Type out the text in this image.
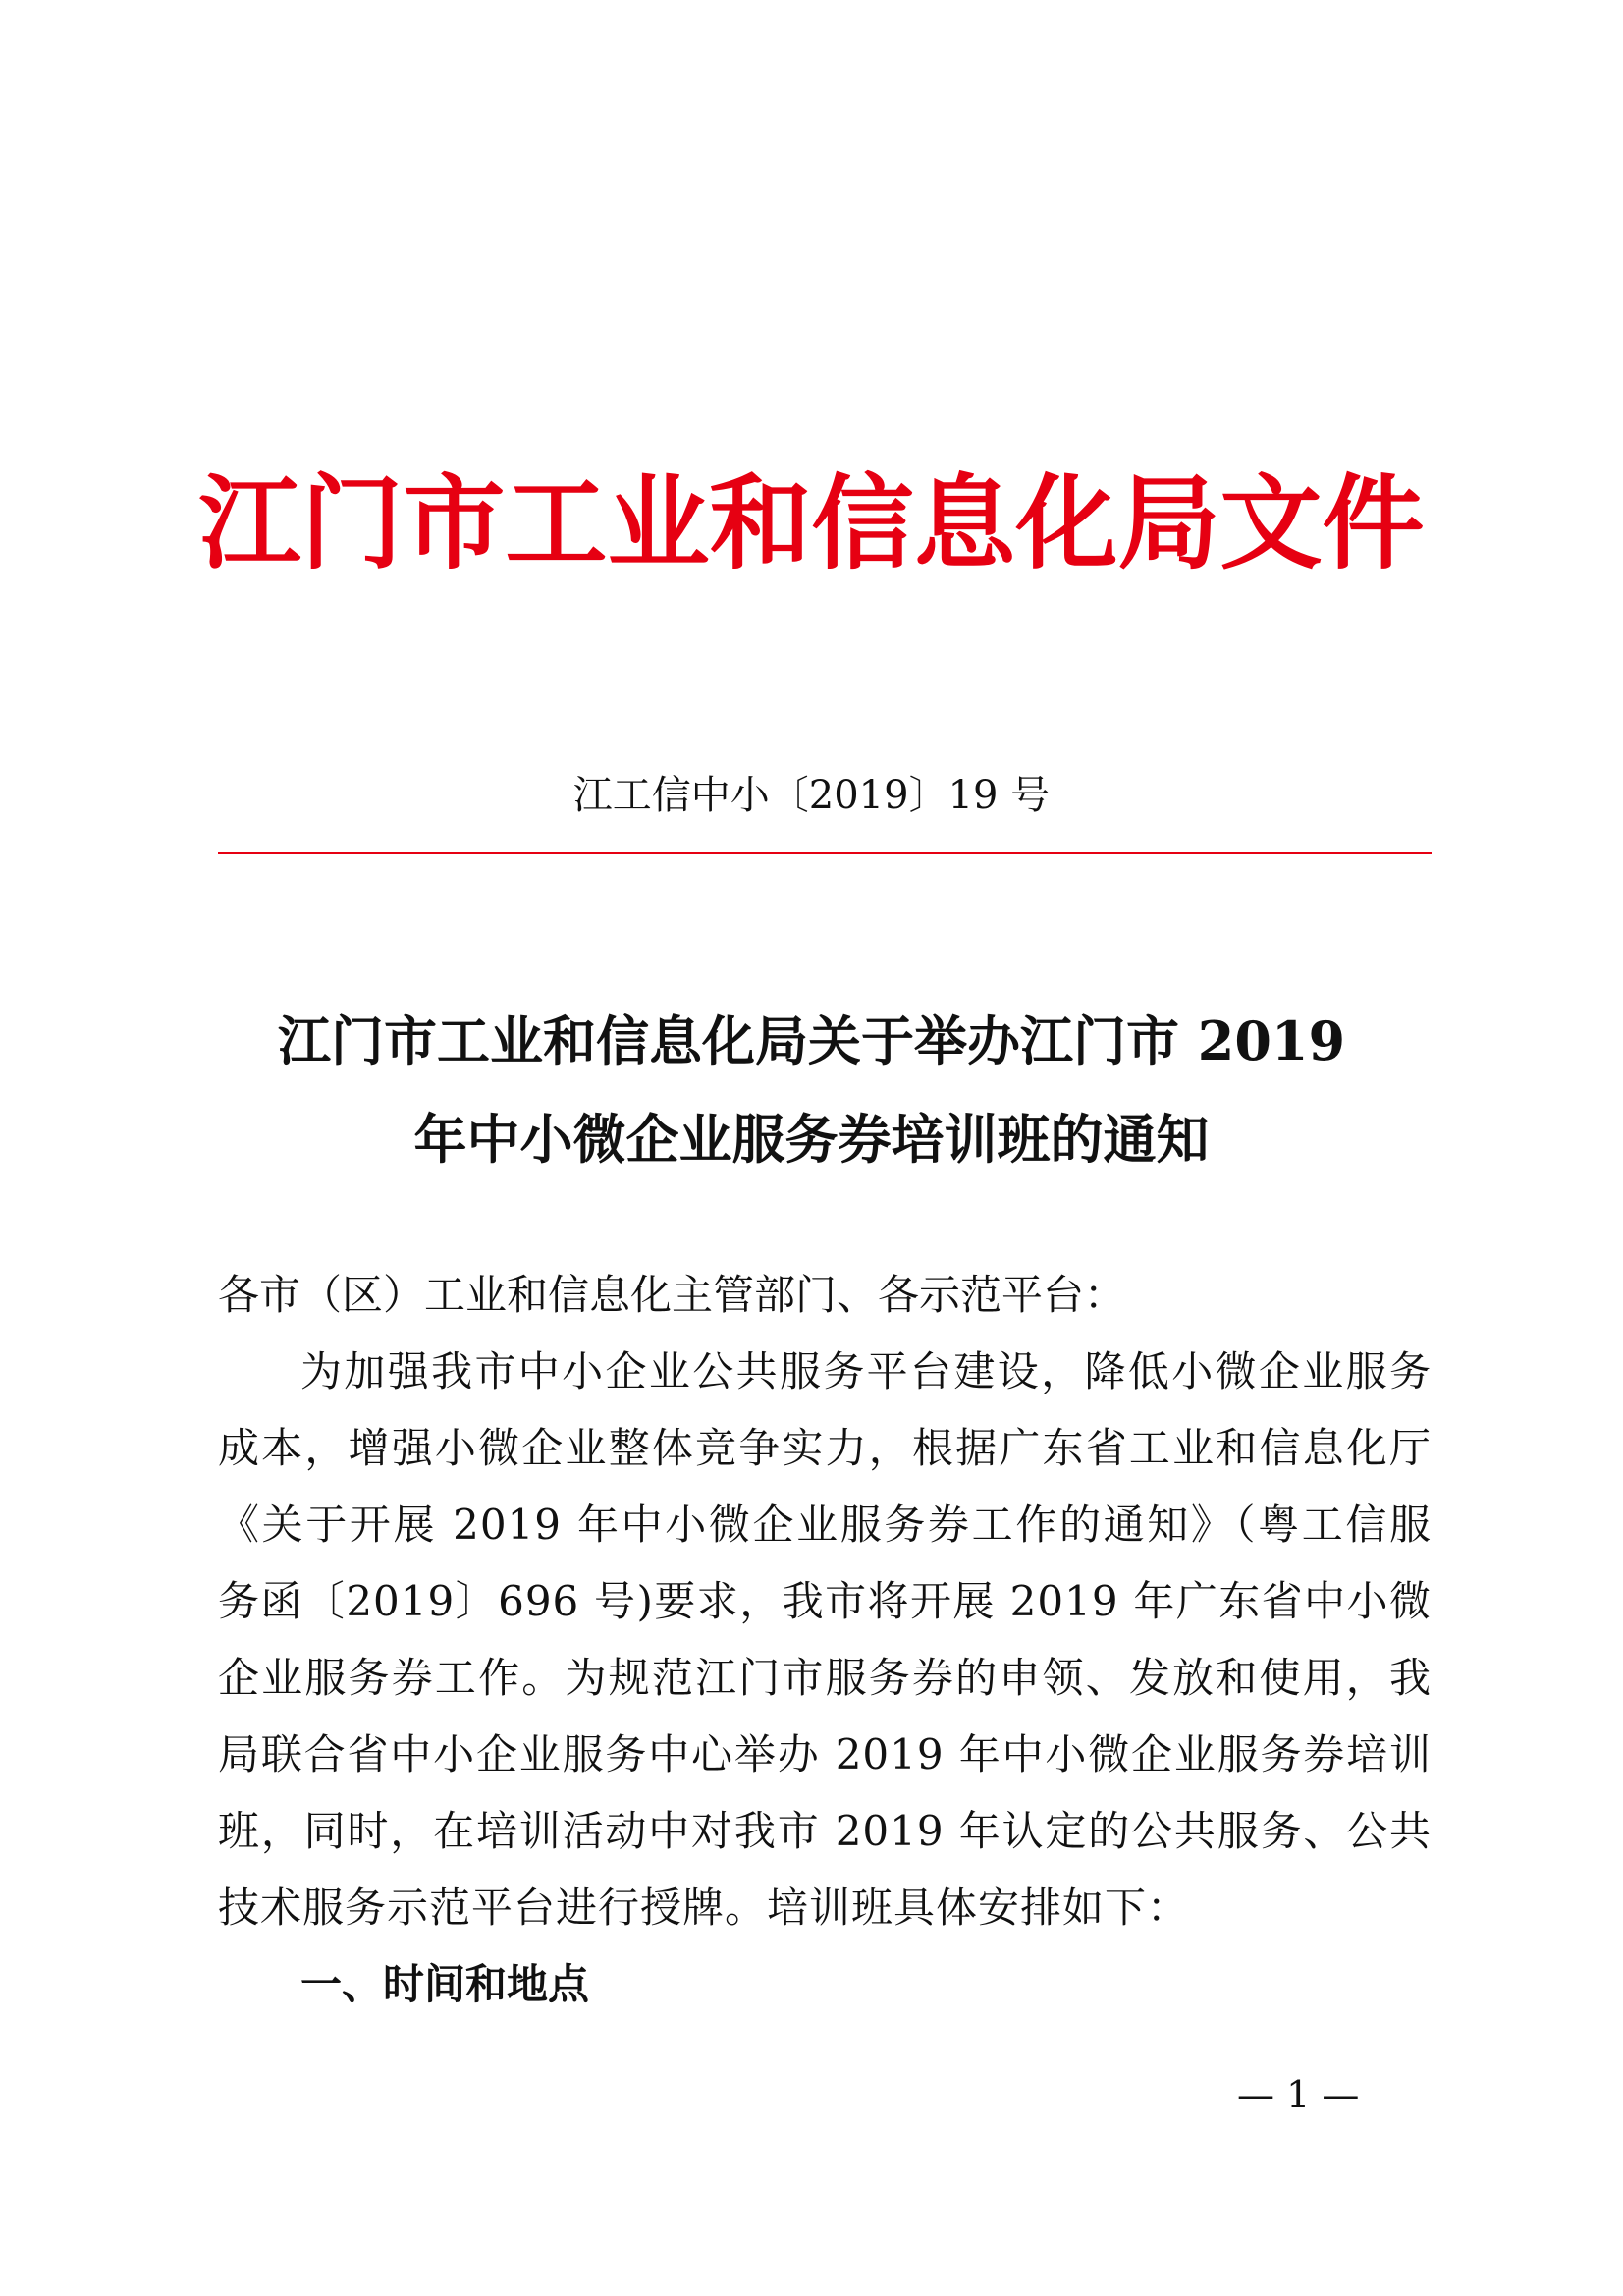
江门市工业和信息化局文件
江工信中小〔2019〕19 号
江门市工业和信息化局关于举办江门市 2019
年中小微企业服务券培训班的通知
各市（区）工业和信息化主管部门、各示范平台：
为加强我市中小企业公共服务平台建设，降低小微企业服务成本，增强小微企业整体竞争实力，根据广东省工业和信息化厅《关于开展 2019 年中小微企业服务券工作的通知》（粤工信服务函〔2019〕696 号)要求，我市将开展 2019 年广东省中小微企业服务券工作。为规范江门市服务券的申领、发放和使用，我局联合省中小企业服务中心举办 2019 年中小微企业服务券培训班，同时，在培训活动中对我市 2019 年认定的公共服务、公共技术服务示范平台进行授牌。培训班具体安排如下：
一、时间和地点
— 1 —
